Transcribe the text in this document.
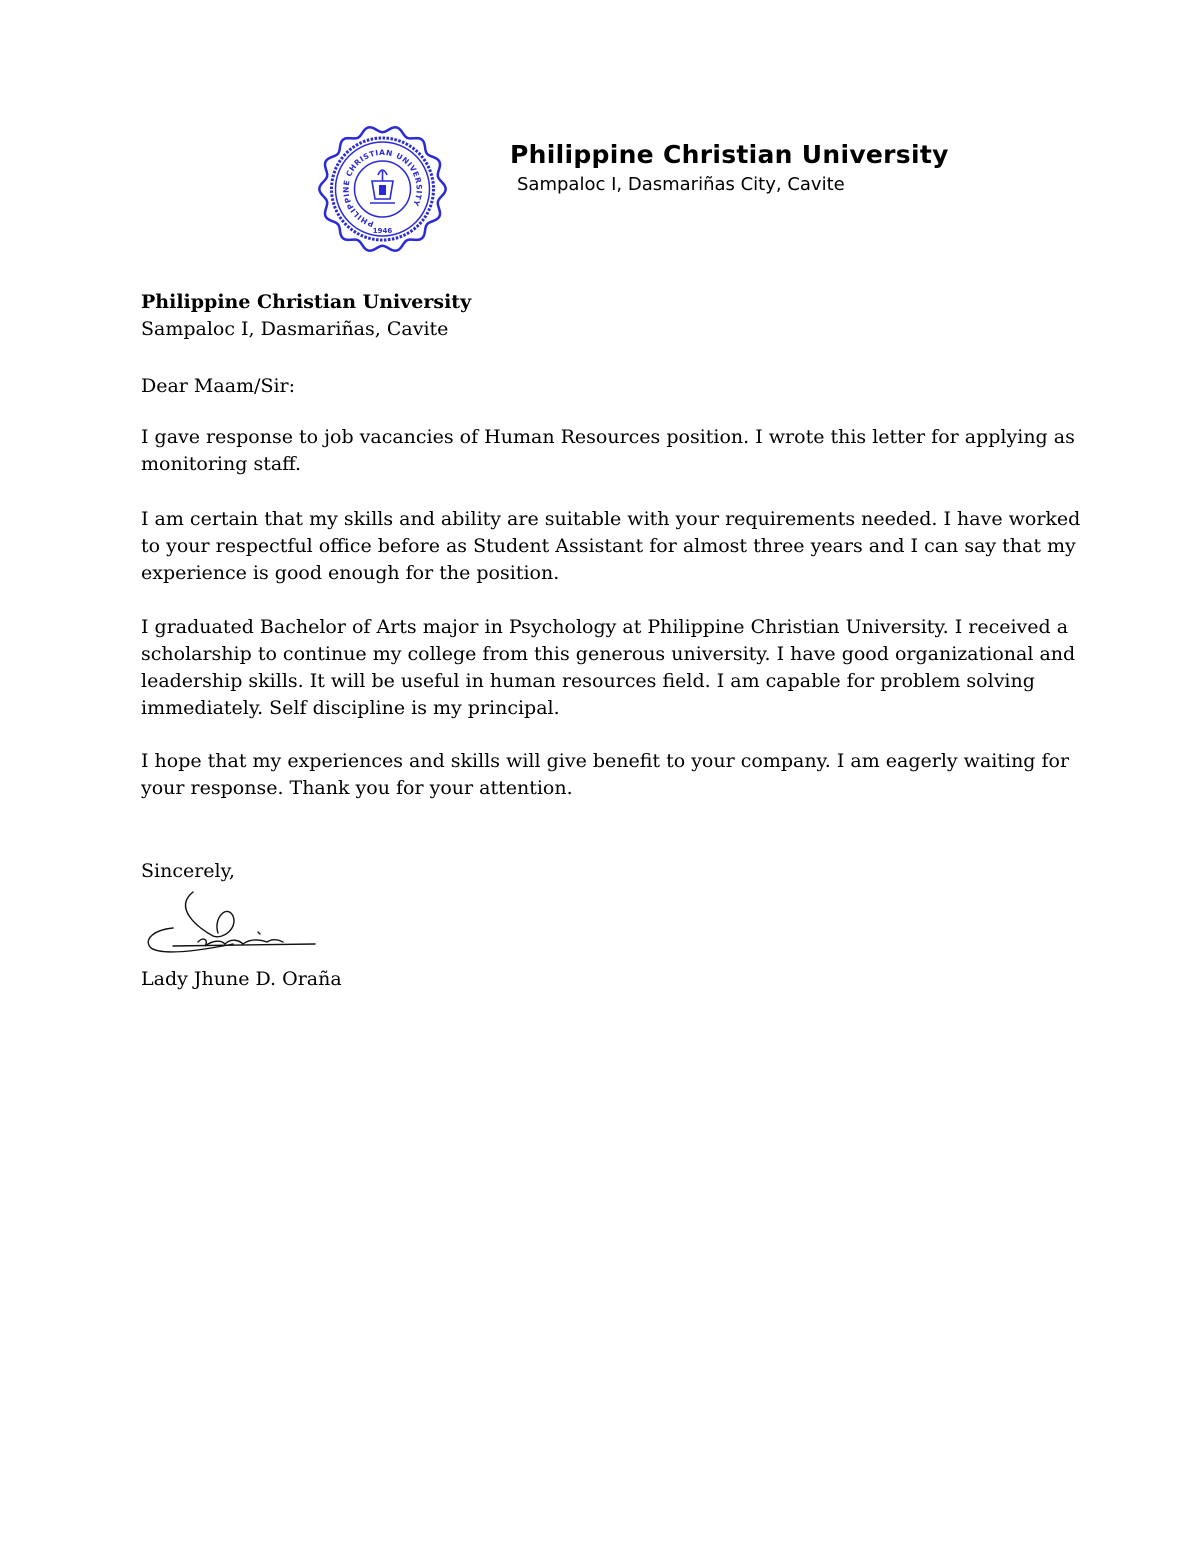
PHILIPPINE CHRISTIAN UNIVERSITY
1946
Philippine Christian University
Sampaloc I, Dasmariñas City, Cavite
Philippine Christian University
Sampaloc I, Dasmariñas, Cavite
Dear Maam/Sir:
I gave response to job vacancies of Human Resources position. I wrote this letter for applying as monitoring staff.
I am certain that my skills and ability are suitable with your requirements needed. I have worked to your respectful office before as Student Assistant for almost three years and I can say that my experience is good enough for the position.
I graduated Bachelor of Arts major in Psychology at Philippine Christian University. I received a scholarship to continue my college from this generous university. I have good organizational and leadership skills. It will be useful in human resources field. I am capable for problem solving immediately. Self discipline is my principal.
I hope that my experiences and skills will give benefit to your company. I am eagerly waiting for your response. Thank you for your attention.
Sincerely,
Lady Jhune D. Oraña
